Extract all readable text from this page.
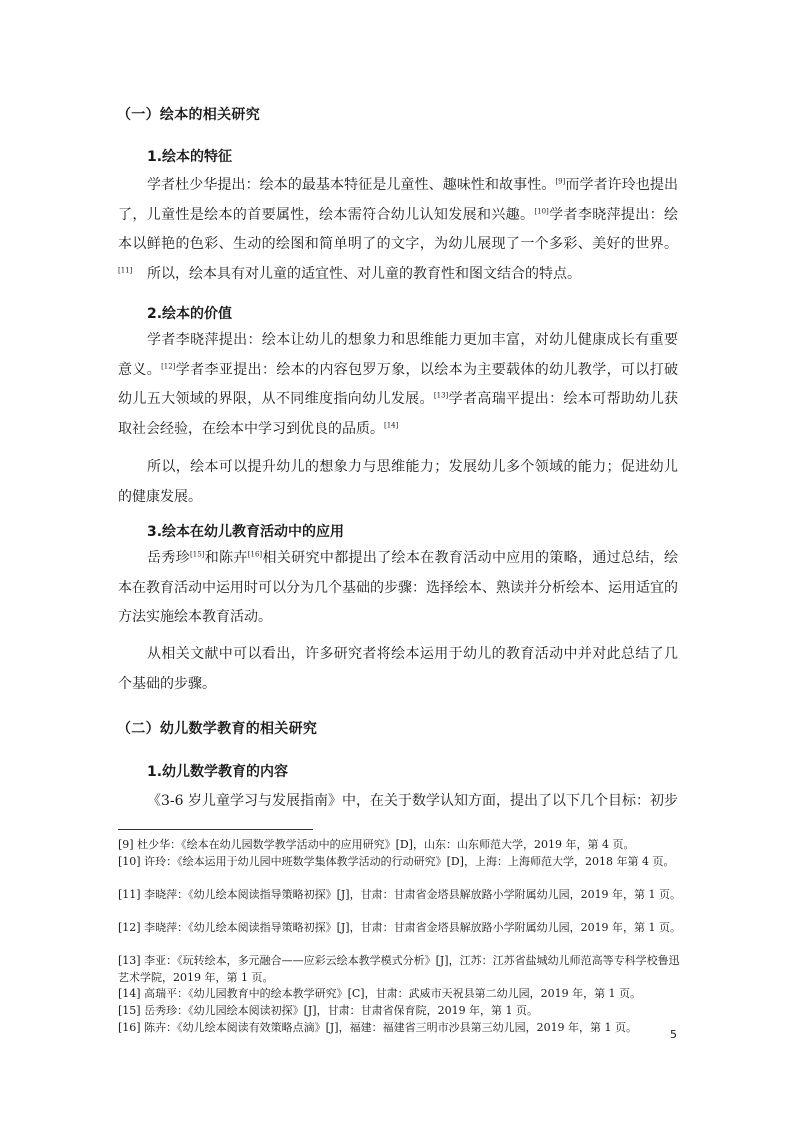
（一）绘本的相关研究
1.绘本的特征

学者杜少华提出：绘本的最基本特征是儿童性、趣味性和故事性。[9]而学者许玲也提出了，儿童性是绘本的首要属性，绘本需符合幼儿认知发展和兴趣。[10]学者李晓萍提出：绘本以鲜艳的色彩、生动的绘图和简单明了的文字，为幼儿展现了一个多彩、美好的世界。[11]	所以，绘本具有对儿童的适宜性、对儿童的教育性和图文结合的特点。

2.绘本的价值

学者李晓萍提出：绘本让幼儿的想象力和思维能力更加丰富，对幼儿健康成长有重要意义。[12]学者李亚提出：绘本的内容包罗万象，以绘本为主要载体的幼儿教学，可以打破幼儿五大领域的界限，从不同维度指向幼儿发展。[13]学者高瑞平提出：绘本可帮助幼儿获取社会经验，在绘本中学习到优良的品质。[14]

所以，绘本可以提升幼儿的想象力与思维能力；发展幼儿多个领域的能力；促进幼儿的健康发展。

3.绘本在幼儿教育活动中的应用

岳秀珍[15]和陈卉[16]相关研究中都提出了绘本在教育活动中应用的策略，通过总结，绘本在教育活动中运用时可以分为几个基础的步骤：选择绘本、熟读并分析绘本、运用适宜的方法实施绘本教育活动。

从相关文献中可以看出，许多研究者将绘本运用于幼儿的教育活动中并对此总结了几个基础的步骤。

（二）幼儿数学教育的相关研究
1.幼儿数学教育的内容

《3-6 岁儿童学习与发展指南》中，在关于数学认知方面，提出了以下几个目标：初步

[9] 杜少华：《绘本在幼儿园数学教学活动中的应用研究》[D]，山东：山东师范大学，2019 年，第 4 页。

[10] 许玲：《绘本运用于幼儿园中班数学集体教学活动的行动研究》[D]，上海：上海师范大学，2018 年第 4 页。

[11] 李晓萍：《幼儿绘本阅读指导策略初探》[J]，甘肃：甘肃省金塔县解放路小学附属幼儿园，2019 年，第 1 页。

[12] 李晓萍：《幼儿绘本阅读指导策略初探》[J]，甘肃：甘肃省金塔县解放路小学附属幼儿园，2019 年，第 1 页。

[13] 李亚：《玩转绘本，多元融合——应彩云绘本教学模式分析》[J]，江苏：江苏省盐城幼儿师范高等专科学校鲁迅艺术学院，2019 年，第 1 页。

[14] 高瑞平：《幼儿园教育中的绘本教学研究》[C]，甘肃：武威市天祝县第二幼儿园，2019 年，第 1 页。

[15] 岳秀珍：《幼儿园绘本阅读初探》[J]，甘肃：甘肃省保育院，2019 年，第 1 页。

[16] 陈卉：《幼儿绘本阅读有效策略点滴》[J]，福建：福建省三明市沙县第三幼儿园，2019 年，第 1 页。

5
